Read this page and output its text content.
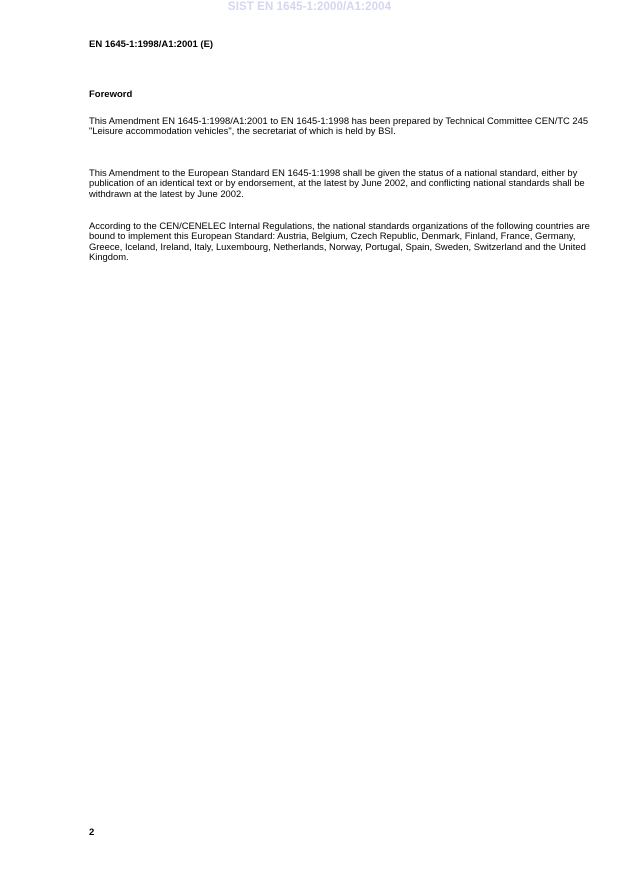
SIST EN 1645-1:2000/A1:2004
EN 1645-1:1998/A1:2001 (E)
Foreword
This Amendment EN 1645-1:1998/A1:2001 to EN 1645-1:1998 has been prepared by Technical Committee CEN/TC 245 "Leisure accommodation vehicles", the secretariat of which is held by BSI.
This Amendment to the European Standard EN 1645-1:1998 shall be given the status of a national standard, either by publication of an identical text or by endorsement, at the latest by June 2002, and conflicting national standards shall be withdrawn at the latest by June 2002.
According to the CEN/CENELEC Internal Regulations, the national standards organizations of the following countries are bound to implement this European Standard: Austria, Belgium, Czech Republic, Denmark, Finland, France, Germany, Greece, Iceland, Ireland, Italy, Luxembourg, Netherlands, Norway, Portugal, Spain, Sweden, Switzerland and the United Kingdom.
2
